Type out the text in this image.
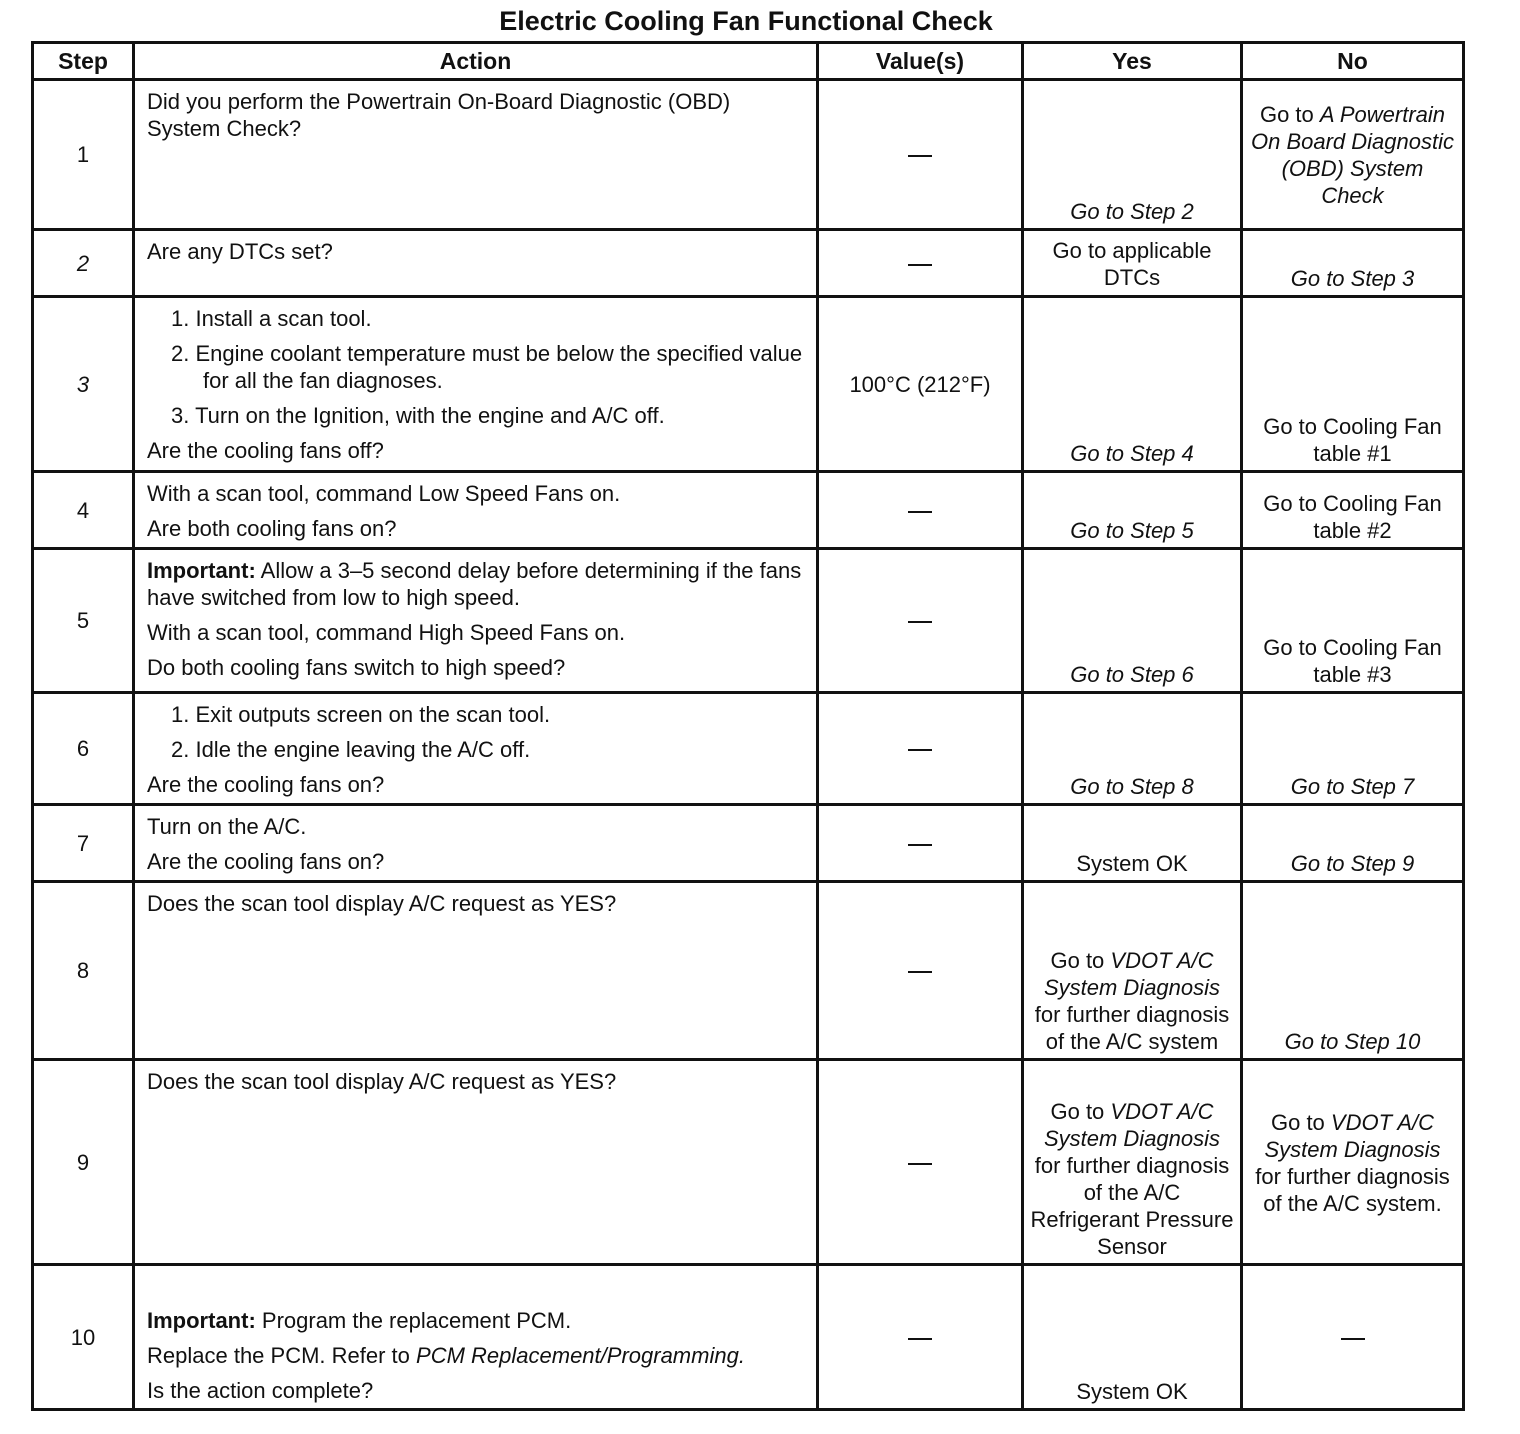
Electric Cooling Fan Functional Check
Step	Action	Value(s)	Yes	No
1	Did you perform the Powertrain On-Board Diagnostic (OBD) System Check?		Go to Step 2	Go to A Powertrain On Board Diagnostic (OBD) System Check
2	Are any DTCs set?		Go to applicable DTCs	Go to Step 3
3	1. Install a scan tool.
2. Engine coolant temperature must be below the specified value for all the fan diagnoses.
3. Turn on the Ignition, with the engine and A/C off.
Are the cooling fans off?	100°C (212°F)	Go to Step 4	Go to Cooling Fan table #1
4	With a scan tool, command Low Speed Fans on.
Are both cooling fans on?		Go to Step 5	Go to Cooling Fan table #2
5	Important: Allow a 3–5 second delay before determining if the fans have switched from low to high speed.
With a scan tool, command High Speed Fans on.
Do both cooling fans switch to high speed?		Go to Step 6	Go to Cooling Fan table #3
6	1. Exit outputs screen on the scan tool.
2. Idle the engine leaving the A/C off.
Are the cooling fans on?		Go to Step 8	Go to Step 7
7	Turn on the A/C.
Are the cooling fans on?		System OK	Go to Step 9
8	Does the scan tool display A/C request as YES?		Go to VDOT A/C System Diagnosis for further diagnosis of the A/C system	Go to Step 10
9	Does the scan tool display A/C request as YES?		Go to VDOT A/C System Diagnosis for further diagnosis of the A/C Refrigerant Pressure Sensor	Go to VDOT A/C System Diagnosis for further diagnosis of the A/C system.
10	Important: Program the replacement PCM.
Replace the PCM. Refer to PCM Replacement/Programming.
Is the action complete?		System OK	
